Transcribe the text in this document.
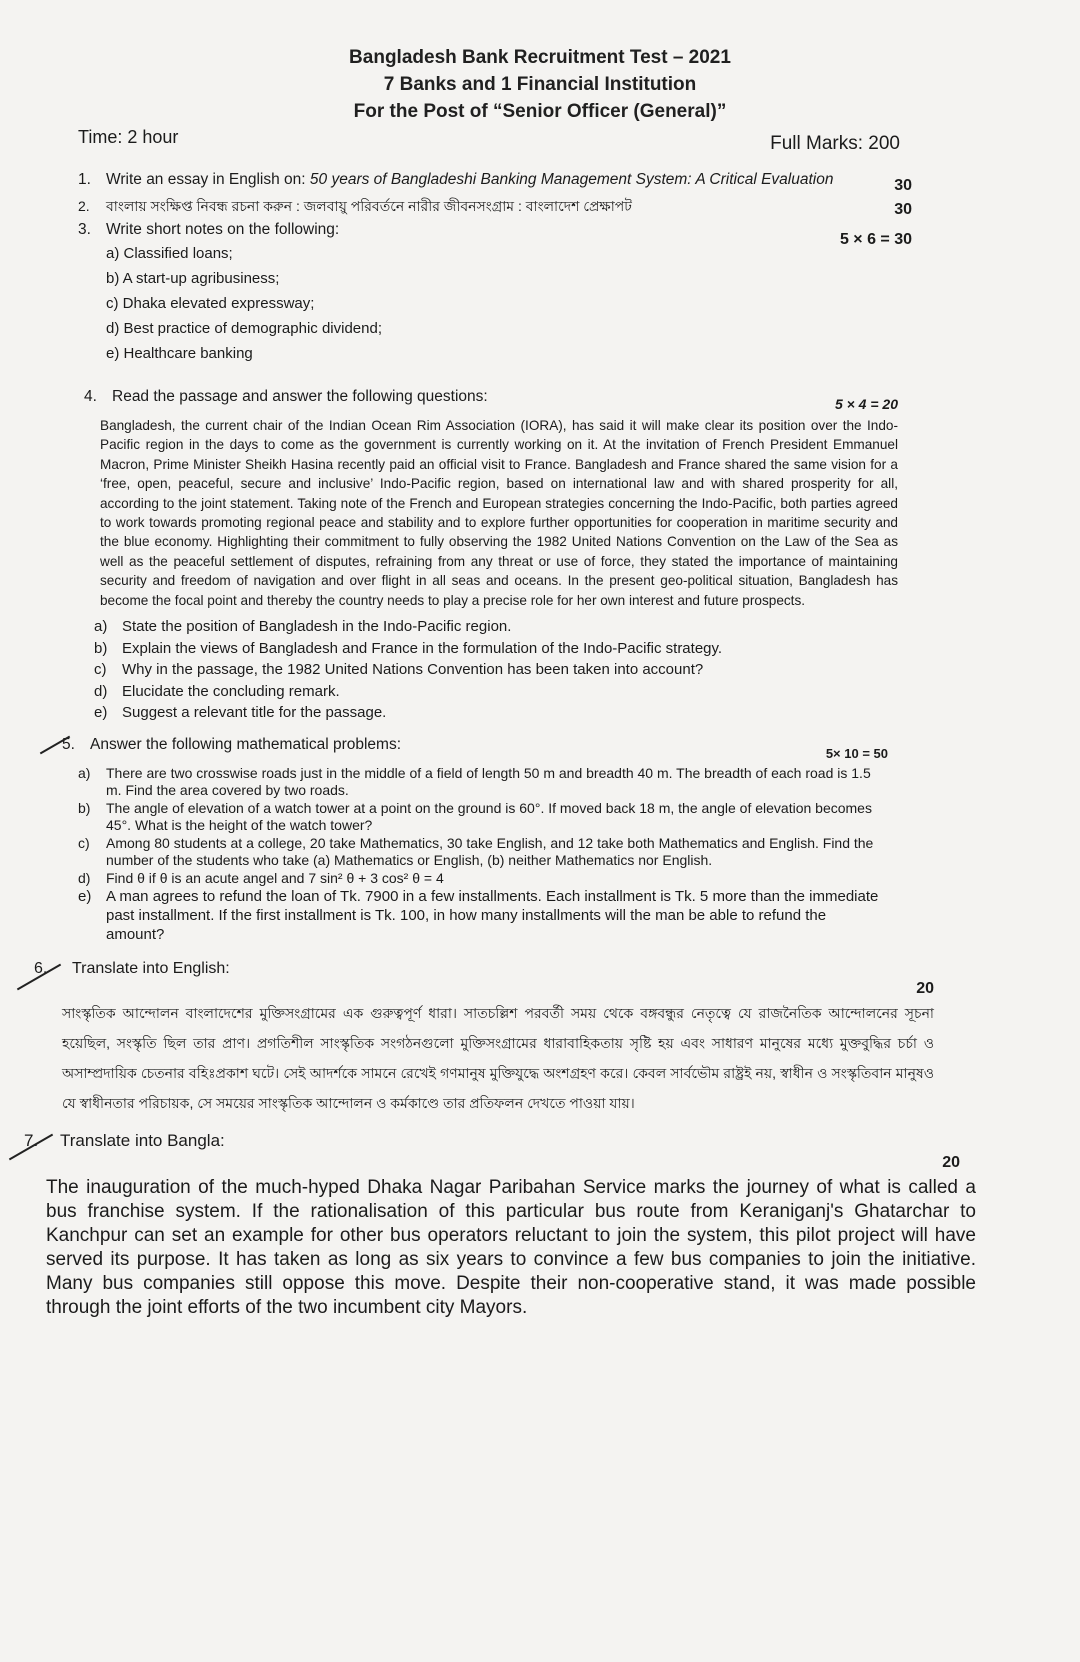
Bangladesh Bank Recruitment Test – 2021
7 Banks and 1 Financial Institution
For the Post of “Senior Officer (General)”
Time: 2 hour	Full Marks: 200
1. Write an essay in English on: 50 years of Bangladeshi Banking Management System: A Critical Evaluation	30
2. বাংলায় সংক্ষিপ্ত নিবন্ধ রচনা করুন : জলবায়ু পরিবর্তনে নারীর জীবনসংগ্রাম : বাংলাদেশ প্রেক্ষাপট	30
3. Write short notes on the following:
a) Classified loans;
b) A start-up agribusiness;
c) Dhaka elevated expressway;
d) Best practice of demographic dividend;
e) Healthcare banking
5 × 6 = 30
4. Read the passage and answer the following questions:	5 × 4 = 20
Bangladesh, the current chair of the Indian Ocean Rim Association (IORA), has said it will make clear its position over the Indo-Pacific region in the days to come as the government is currently working on it. At the invitation of French President Emmanuel Macron, Prime Minister Sheikh Hasina recently paid an official visit to France. Bangladesh and France shared the same vision for a ‘free, open, peaceful, secure and inclusive’ Indo-Pacific region, based on international law and with shared prosperity for all, according to the joint statement. Taking note of the French and European strategies concerning the Indo-Pacific, both parties agreed to work towards promoting regional peace and stability and to explore further opportunities for cooperation in maritime security and the blue economy. Highlighting their commitment to fully observing the 1982 United Nations Convention on the Law of the Sea as well as the peaceful settlement of disputes, refraining from any threat or use of force, they stated the importance of maintaining security and freedom of navigation and over flight in all seas and oceans. In the present geo-political situation, Bangladesh has become the focal point and thereby the country needs to play a precise role for her own interest and future prospects.
a) State the position of Bangladesh in the Indo-Pacific region.
b) Explain the views of Bangladesh and France in the formulation of the Indo-Pacific strategy.
c)	Why in the passage, the 1982 United Nations Convention has been taken into account?
d) Elucidate the concluding remark.
e) Suggest a relevant title for the passage.
5. Answer the following mathematical problems:
5× 10 = 50
a)	There are two crosswise roads just in the middle of a field of length 50 m and breadth 40 m. The breadth of each road is 1.5 m. Find the area covered by two roads.
b)	The angle of elevation of a watch tower at a point on the ground is 60°. If moved back 18 m, the angle of elevation becomes 45°. What is the height of the watch tower?
c)	Among 80 students at a college, 20 take Mathematics, 30 take English, and 12 take both Mathematics and English. Find the number of the students who take (a) Mathematics or English, (b) neither Mathematics nor English.
d)	Find θ if θ is an acute angel and 7 sin² θ + 3 cos² θ = 4
e) A man agrees to refund the loan of Tk. 7900 in a few installments. Each installment is Tk. 5 more than the immediate past installment. If the first installment is Tk. 100, in how many installments will the man be able to refund the amount?
6. Translate into English:
20
সাংস্কৃতিক আন্দোলন বাংলাদেশের মুক্তিসংগ্রামের এক গুরুত্বপূর্ণ ধারা। সাতচল্লিশ পরবর্তী সময় থেকে বঙ্গবন্ধুর নেতৃত্বে যে রাজনৈতিক আন্দোলনের সূচনা হয়েছিল, সংস্কৃতি ছিল তার প্রাণ। প্রগতিশীল সাংস্কৃতিক সংগঠনগুলো মুক্তিসংগ্রামের ধারাবাহিকতায় সৃষ্টি হয় এবং সাধারণ মানুষের মধ্যে মুক্তবুদ্ধির চর্চা ও অসাম্প্রদায়িক চেতনার বহিঃপ্রকাশ ঘটে। সেই আদর্শকে সামনে রেখেই গণমানুষ মুক্তিযুদ্ধে অংশগ্রহণ করে। কেবল সার্বভৌম রাষ্ট্রই নয়, স্বাধীন ও সংস্কৃতিবান মানুষও যে স্বাধীনতার পরিচায়ক, সে সময়ের সাংস্কৃতিক আন্দোলন ও কর্মকাণ্ডে তার প্রতিফলন দেখতে পাওয়া যায়।
7. Translate into Bangla:
20
The inauguration of the much-hyped Dhaka Nagar Paribahan Service marks the journey of what is called a bus franchise system. If the rationalisation of this particular bus route from Keraniganj's Ghatarchar to Kanchpur can set an example for other bus operators reluctant to join the system, this pilot project will have served its purpose. It has taken as long as six years to convince a few bus companies to join the initiative. Many bus companies still oppose this move. Despite their non-cooperative stand, it was made possible through the joint efforts of the two incumbent city Mayors.
